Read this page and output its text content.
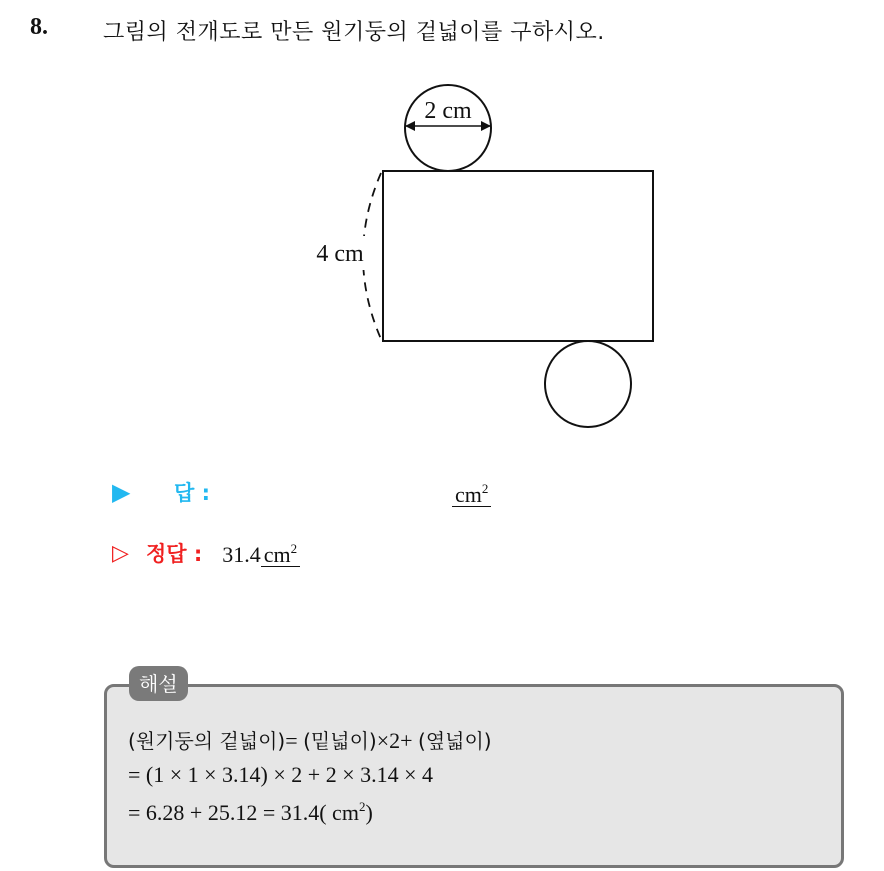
8.	그림의 전개도로 만든 원기둥의 겉넓이를 구하시오.
2 cm
4 cm
▶	답 :	$cm^2$
▷ 정답 : 31.4 $cm^2$
해설
(원기둥의 겉넓이)= (밑넓이)×2+ (옆넓이)
= (1 × 1 × 3.14) × 2 + 2 × 3.14 × 4
= 6.28 + 25.12 = 31.4( $cm^2$)
